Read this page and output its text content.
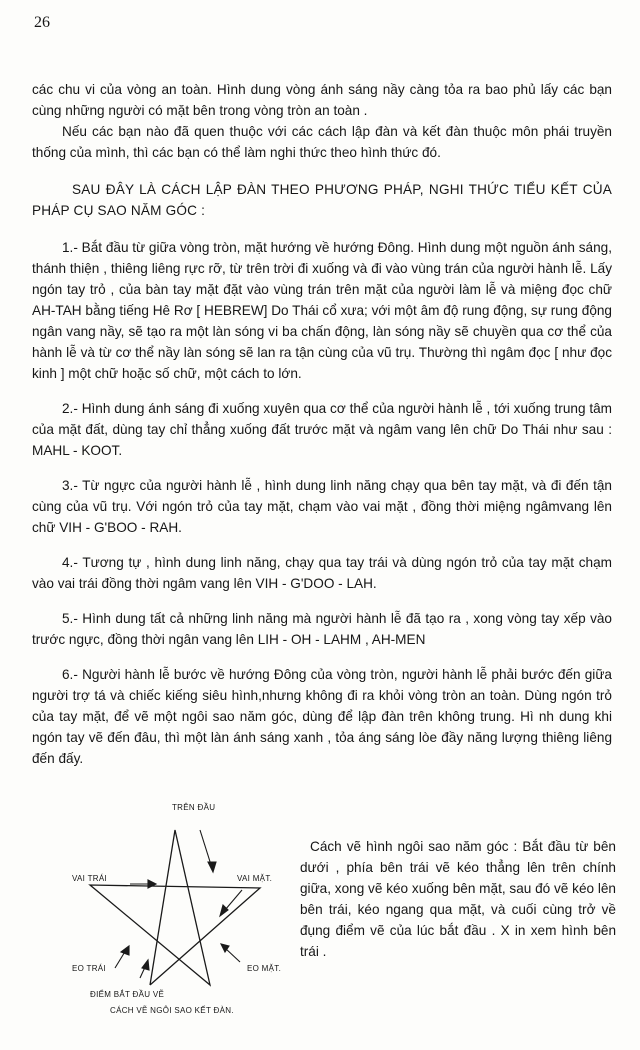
26

các chu vi của vòng an toàn. Hình dung vòng ánh sáng nầy càng tỏa ra bao phủ lấy các bạn cùng những người có mặt bên trong vòng tròn an toàn .

Nếu các bạn nào đã quen thuộc với các cách lập đàn và kết đàn thuộc môn phái truyền thống của mình, thì các bạn có thể làm nghi thức theo hình thức đó.

SAU ĐÂY LÀ CÁCH LẬP ĐÀN THEO PHƯƠNG PHÁP, NGHI THỨC TIỂU KẾT CỦA PHÁP CỤ SAO NĂM GÓC :

1.- Bắt đầu từ giữa vòng tròn, mặt hướng về hướng Đông. Hình dung một nguồn ánh sáng, thánh thiện , thiêng liêng rực rỡ, từ trên trời đi xuống và đi vào vùng trán của người hành lễ. Lấy ngón tay trỏ , của bàn tay mặt đặt vào vùng trán trên mặt của người làm lễ và miệng đọc chữ AH-TAH bằng tiếng Hê Rơ [ HEBREW] Do Thái cổ xưa; với một âm độ rung động, sự rung động ngân vang nầy, sẽ tạo ra một làn sóng vi ba chấn động, làn sóng nầy sẽ chuyền qua cơ thể của hành lễ và từ cơ thể nầy làn sóng sẽ lan ra tận cùng của vũ trụ. Thường thì ngâm đọc [ như đọc kinh ] một chữ hoặc số chữ, một cách to lớn.

2.- Hình dung ánh sáng đi xuống xuyên qua cơ thể của người hành lễ , tới xuống trung tâm của mặt đất, dùng tay chỉ thẳng xuống đất trước mặt và ngâm vang lên chữ Do Thái như sau : MAHL - KOOT.

3.- Từ ngực của người hành lễ , hình dung linh năng chạy qua bên tay mặt, và đi đến tận cùng của vũ trụ. Với ngón trỏ của tay mặt, chạm vào vai mặt , đồng thời miệng ngâmvang lên chữ VIH - G'BOO - RAH.

4.- Tương tự , hình dung linh năng, chạy qua tay trái và dùng ngón trỏ của tay mặt chạm vào vai trái đồng thời ngâm vang lên VIH - G'DOO - LAH.

5.- Hình dung tất cả những linh năng mà người hành lễ đã tạo ra , xong vòng tay xếp vào trước ngực, đồng thời ngân vang lên LIH - OH - LAHM , AH-MEN

6.- Người hành lễ bước về hướng Đông của vòng tròn, người hành lễ phải bước đến giữa người trợ tá và chiếc kiếng siêu hình,nhưng không đi ra khỏi vòng tròn an toàn. Dùng ngón trỏ của tay mặt, để vẽ một ngôi sao năm góc, dùng để lập đàn trên không trung. Hì nh dung khi ngón tay vẽ đến đâu, thì một làn ánh sáng xanh , tỏa áng sáng lòe đầy năng lượng thiêng liêng đến đấy.

TRÊN ĐẦU
VAI TRÁI	VAI MẶT.
EO TRÁI	EO MẶT.
ĐIỂM BẮT ĐẦU VẼ
CÁCH VẼ NGÔI SAO KẾT ĐÀN.

Cách vẽ hình ngôi sao năm góc : Bắt đầu từ bên dưới , phía bên trái vẽ kéo thẳng lên trên chính giữa, xong vẽ kéo xuống bên mặt, sau đó vẽ kéo lên bên trái, kéo ngang qua mặt, và cuối cùng trở về đụng điểm vẽ của lúc bắt đầu . X in xem hình bên trái .
